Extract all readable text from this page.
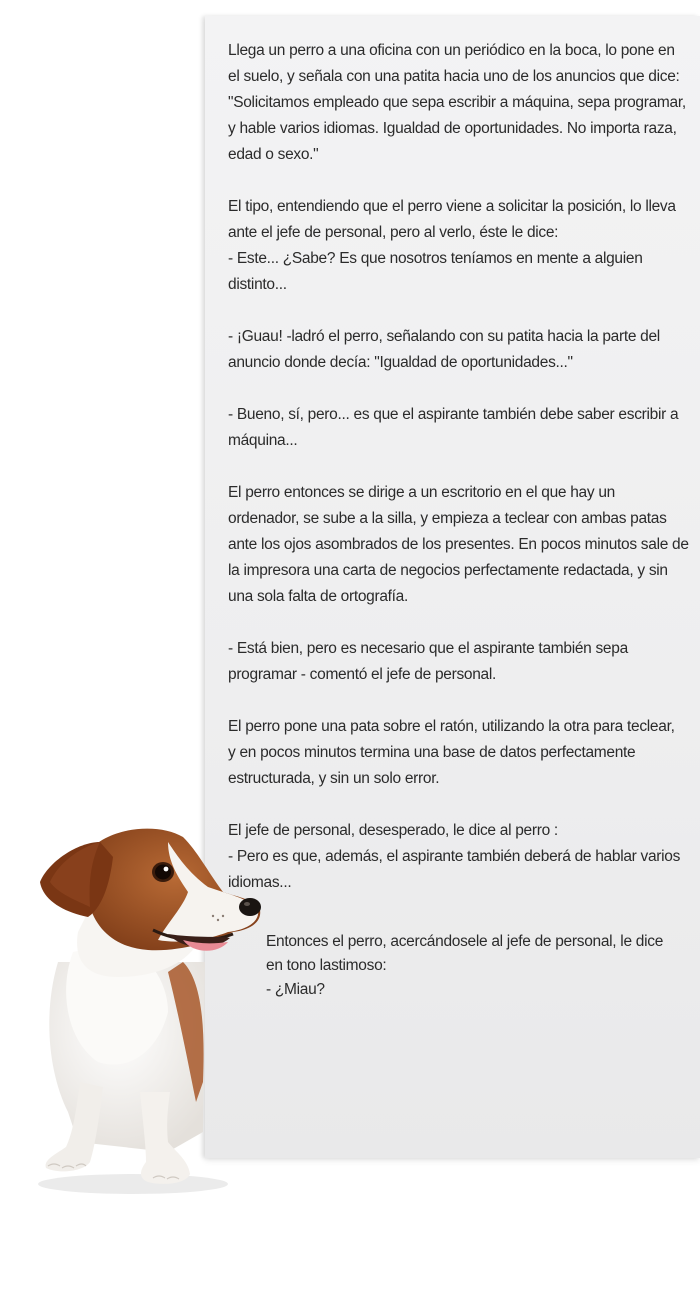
Llega un perro a una oficina con un periódico en la boca, lo pone en
el suelo, y señala con una patita hacia uno de los anuncios que dice:
"Solicitamos empleado que sepa escribir a máquina, sepa programar,
y hable varios idiomas. Igualdad de oportunidades. No importa raza,
edad o sexo."

El tipo, entendiendo que el perro viene a solicitar la posición, lo lleva
ante el jefe de personal, pero al verlo, éste le dice:
- Este... ¿Sabe? Es que nosotros teníamos en mente a alguien
distinto...

- ¡Guau! -ladró el perro, señalando con su patita hacia la parte del
anuncio donde decía: "Igualdad de oportunidades..."

- Bueno, sí, pero... es que el aspirante también debe saber escribir a
máquina...

El perro entonces se dirige a un escritorio en el que hay un
ordenador, se sube a la silla, y empieza a teclear con ambas patas
ante los ojos asombrados de los presentes. En pocos minutos sale de
la impresora una carta de negocios perfectamente redactada, y sin
una sola falta de ortografía.

- Está bien, pero es necesario que el aspirante también sepa
programar - comentó el jefe de personal.

El perro pone una pata sobre el ratón, utilizando la otra para teclear,
y en pocos minutos termina una base de datos perfectamente
estructurada, y sin un solo error.

El jefe de personal, desesperado, le dice al perro :
- Pero es que, además, el aspirante también deberá de hablar varios
idiomas...

Entonces el perro, acercándosele al jefe de personal, le dice
en tono lastimoso:
- ¿Miau?
